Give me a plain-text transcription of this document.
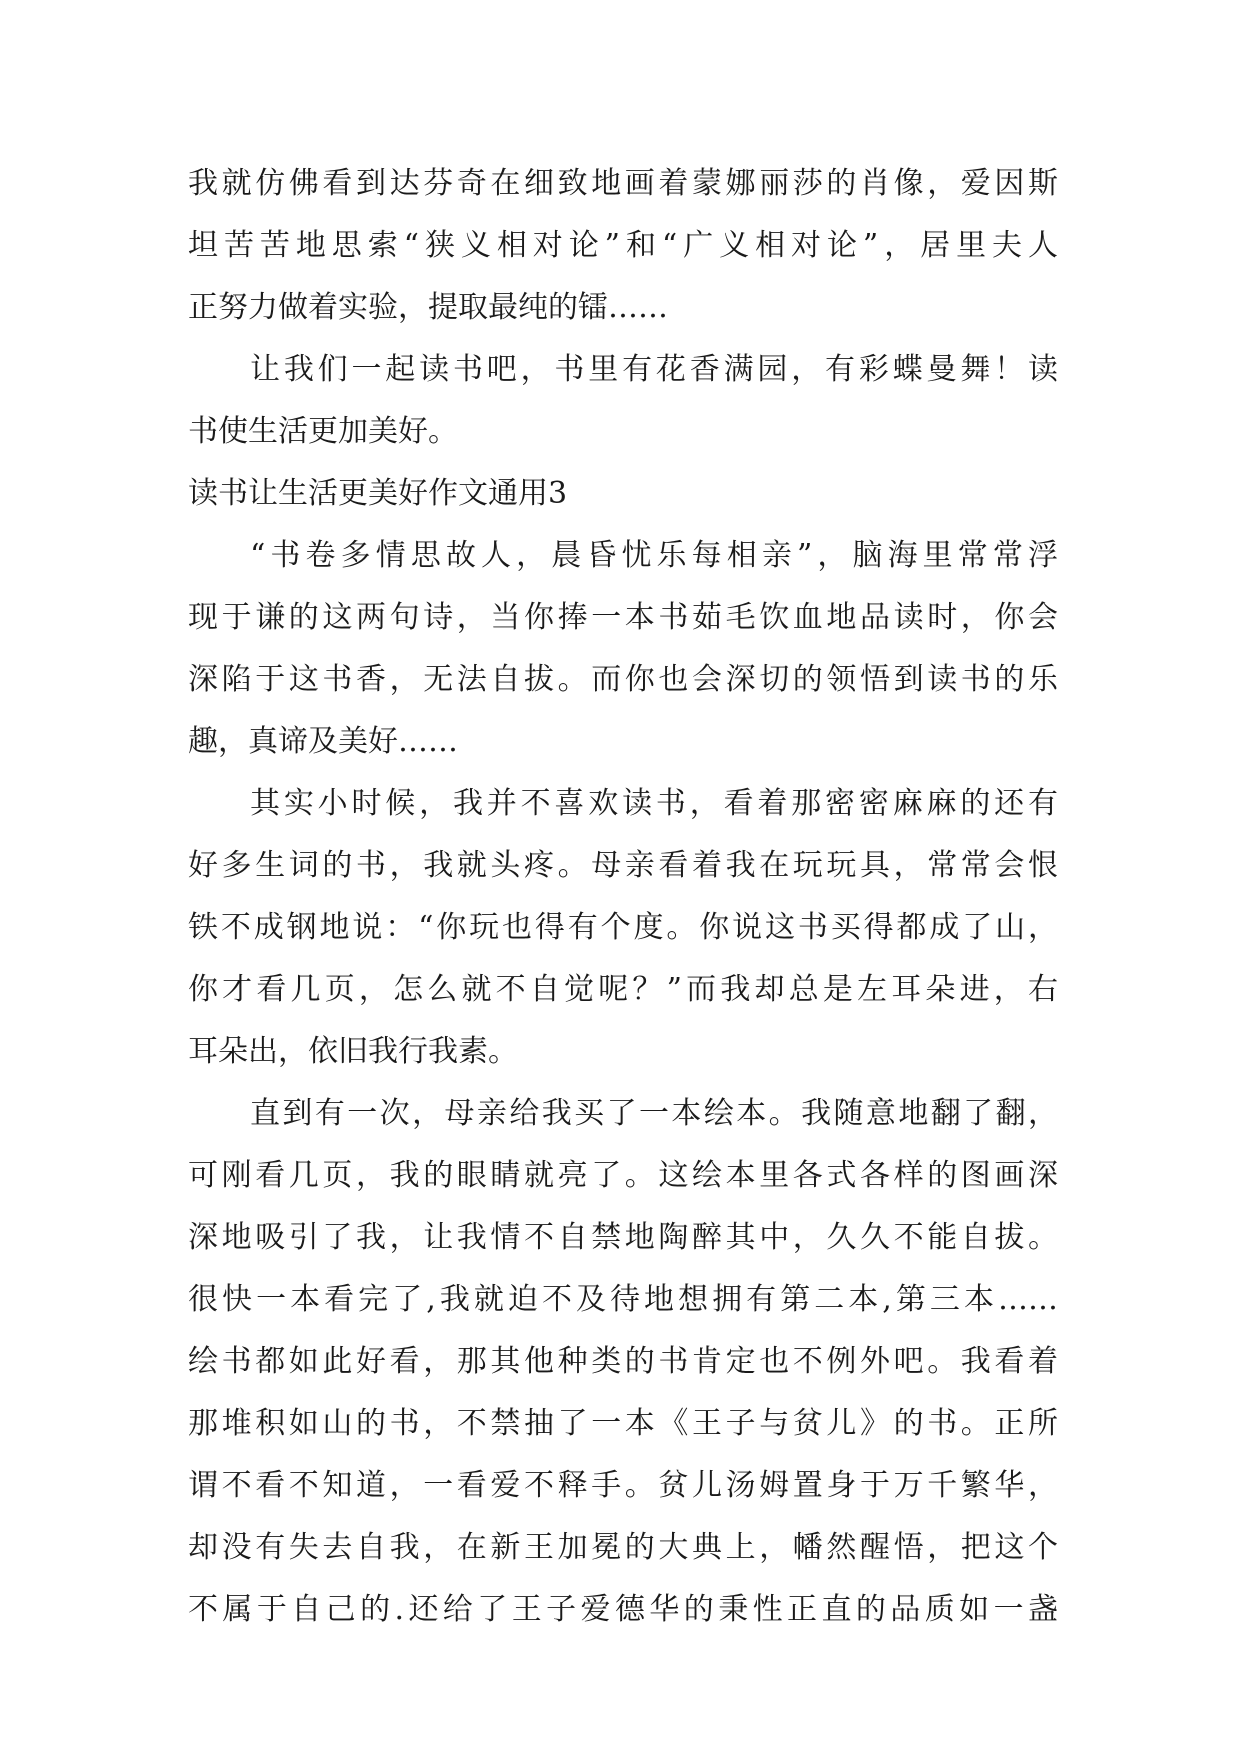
我就仿佛看到达芬奇在细致地画着蒙娜丽莎的肖像，爱因斯
坦苦苦地思索“狭义相对论”和“广义相对论”，居里夫人
正努力做着实验，提取最纯的镭……
让我们一起读书吧，书里有花香满园，有彩蝶曼舞！读
书使生活更加美好。
读书让生活更美好作文通用3
“书卷多情思故人，晨昏忧乐每相亲”，脑海里常常浮
现于谦的这两句诗，当你捧一本书茹毛饮血地品读时，你会
深陷于这书香，无法自拔。而你也会深切的领悟到读书的乐
趣，真谛及美好……
其实小时候，我并不喜欢读书，看着那密密麻麻的还有
好多生词的书，我就头疼。母亲看着我在玩玩具，常常会恨
铁不成钢地说：“你玩也得有个度。你说这书买得都成了山，
你才看几页，怎么就不自觉呢？”而我却总是左耳朵进，右
耳朵出，依旧我行我素。
直到有一次，母亲给我买了一本绘本。我随意地翻了翻，
可刚看几页，我的眼睛就亮了。这绘本里各式各样的图画深
深地吸引了我，让我情不自禁地陶醉其中，久久不能自拔。
很快一本看完了,我就迫不及待地想拥有第二本,第三本……
绘书都如此好看，那其他种类的书肯定也不例外吧。我看着
那堆积如山的书，不禁抽了一本《王子与贫儿》的书。正所
谓不看不知道，一看爱不释手。贫儿汤姆置身于万千繁华，
却没有失去自我，在新王加冕的大典上，幡然醒悟，把这个
不属于自己的.还给了王子爱德华的秉性正直的品质如一盏
